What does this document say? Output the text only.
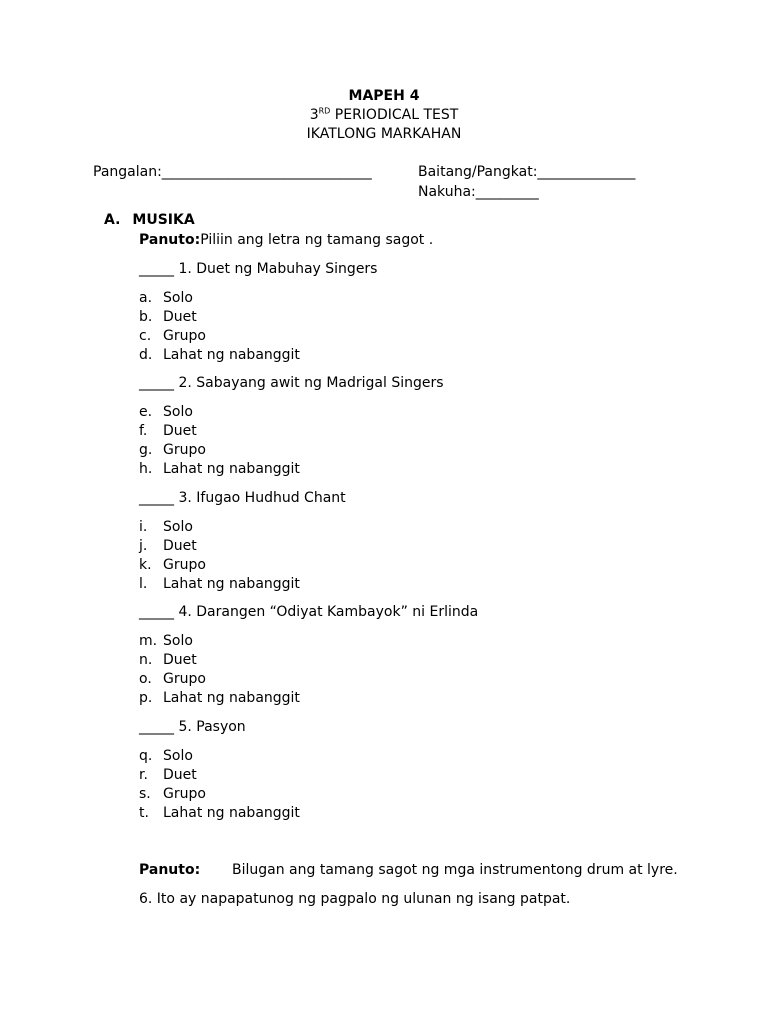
MAPEH 4
3RD PERIODICAL TEST
IKATLONG MARKAHAN
Pangalan:______________________________	Baitang/Pangkat:______________
Nakuha:_________
A. MUSIKA
Panuto:Piliin ang letra ng tamang sagot .
_____ 1. Duet ng Mabuhay Singers
a. Solo
b. Duet
c. Grupo
d. Lahat ng nabanggit
_____ 2. Sabayang awit ng Madrigal Singers
e. Solo
f. Duet
g. Grupo
h. Lahat ng nabanggit
_____ 3. Ifugao Hudhud Chant
i. Solo
j. Duet
k. Grupo
l. Lahat ng nabanggit
_____ 4. Darangen “Odiyat Kambayok” ni Erlinda
m. Solo
n. Duet
o. Grupo
p. Lahat ng nabanggit
_____ 5. Pasyon
q. Solo
r. Duet
s. Grupo
t. Lahat ng nabanggit
Panuto: Bilugan ang tamang sagot ng mga instrumentong drum at lyre.
6. Ito ay napapatunog ng pagpalo ng ulunan ng isang patpat.
